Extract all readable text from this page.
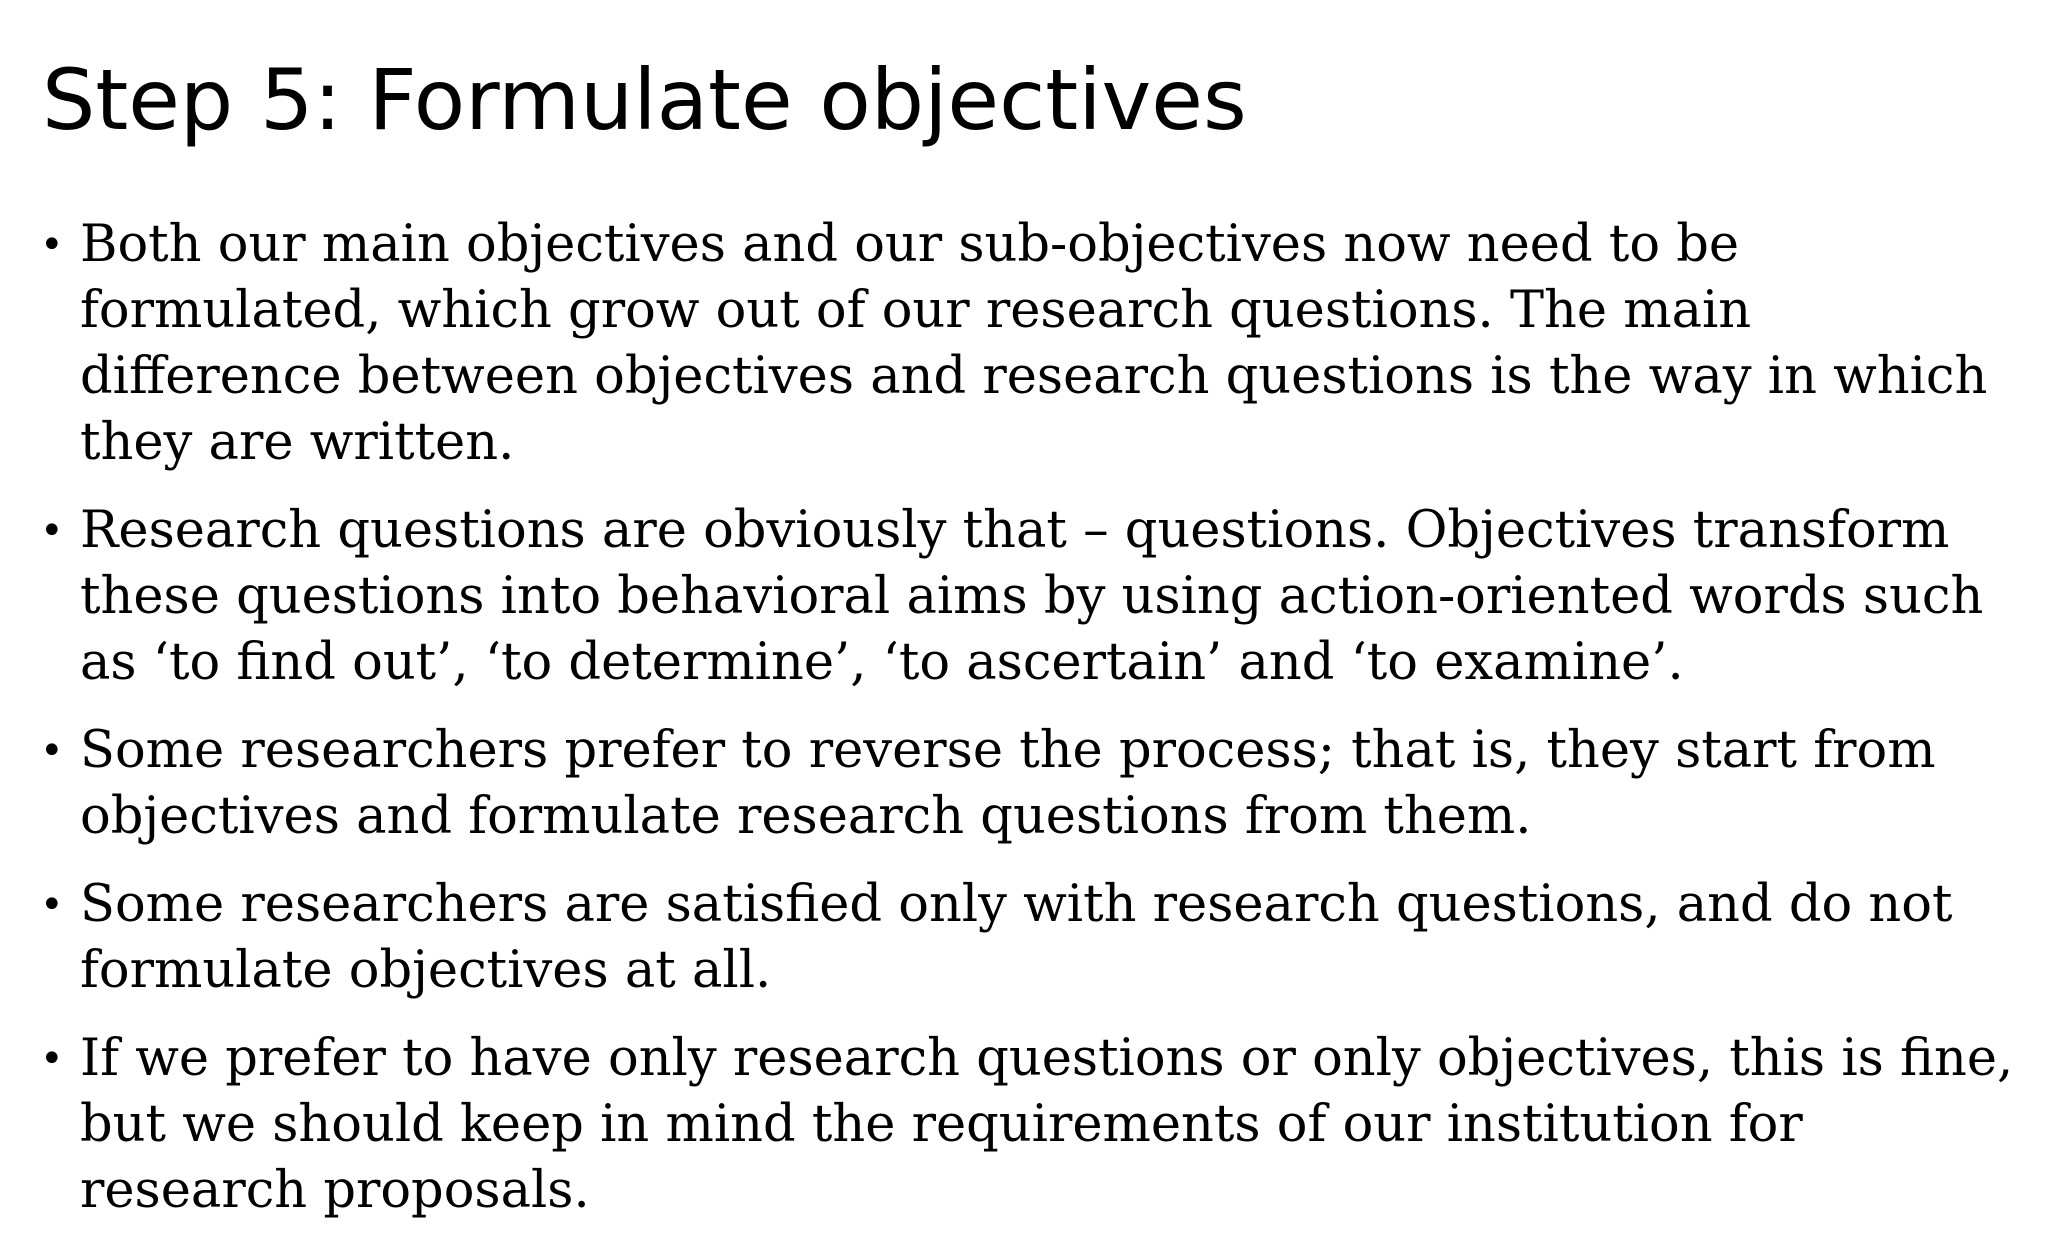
Step 5: Formulate objectives
• Both our main objectives and our sub-objectives now need to be formulated, which grow out of our research questions. The main difference between objectives and research questions is the way in which they are written.
• Research questions are obviously that – questions. Objectives transform these questions into behavioral aims by using action-oriented words such as ‘to find out’, ‘to determine’, ‘to ascertain’ and ‘to examine’.
• Some researchers prefer to reverse the process; that is, they start from objectives and formulate research questions from them.
• Some researchers are satisfied only with research questions, and do not formulate objectives at all.
• If we prefer to have only research questions or only objectives, this is fine, but we should keep in mind the requirements of our institution for research proposals.
